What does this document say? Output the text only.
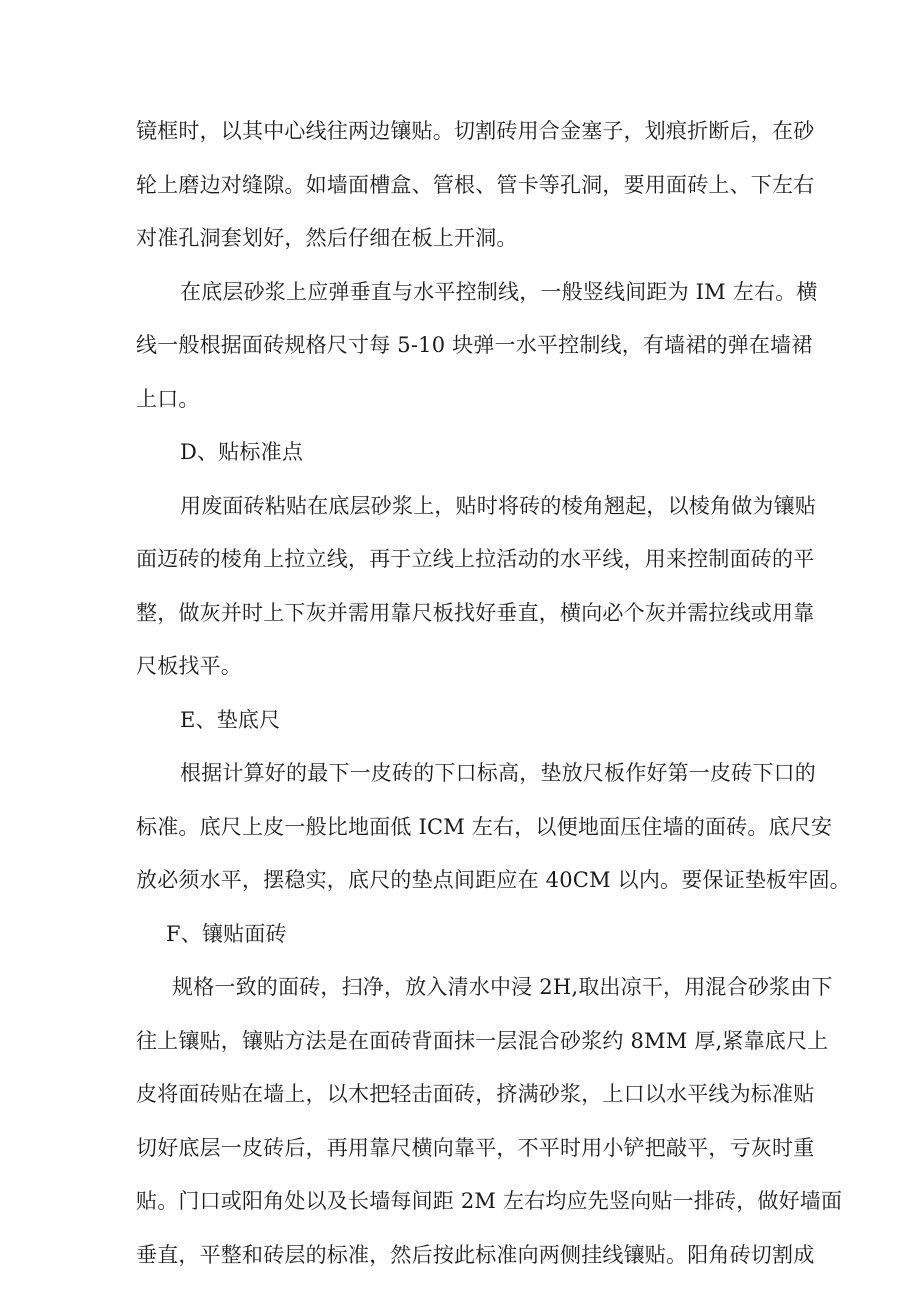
镜框时，以其中心线往两边镶贴。切割砖用合金塞子，划痕折断后，在砂
轮上磨边对缝隙。如墙面槽盒、管根、管卡等孔洞，要用面砖上、下左右
对准孔洞套划好，然后仔细在板上开洞。
在底层砂浆上应弹垂直与水平控制线，一般竖线间距为 IM 左右。横
线一般根据面砖规格尺寸每 5-10 块弹一水平控制线，有墙裙的弹在墙裙
上口。
D、贴标准点
用废面砖粘贴在底层砂浆上，贴时将砖的棱角翘起，以棱角做为镶贴
面迈砖的棱角上拉立线，再于立线上拉活动的水平线，用来控制面砖的平
整，做灰并时上下灰并需用靠尺板找好垂直，横向必个灰并需拉线或用靠
尺板找平。
E、垫底尺
根据计算好的最下一皮砖的下口标高，垫放尺板作好第一皮砖下口的
标准。底尺上皮一般比地面低 ICM 左右，以便地面压住墙的面砖。底尺安
放必须水平，摆稳实，底尺的垫点间距应在 40CM 以内。要保证垫板牢固。
F、镶贴面砖
规格一致的面砖，扫净，放入清水中浸 2H,取出凉干，用混合砂浆由下
往上镶贴，镶贴方法是在面砖背面抹一层混合砂浆约 8MM 厚,紧靠底尺上
皮将面砖贴在墙上，以木把轻击面砖，挤满砂浆，上口以水平线为标准贴
切好底层一皮砖后，再用靠尺横向靠平，不平时用小铲把敲平，亏灰时重
贴。门口或阳角处以及长墙每间距 2M 左右均应先竖向贴一排砖，做好墙面
垂直，平整和砖层的标准，然后按此标准向两侧挂线镶贴。阳角砖切割成
